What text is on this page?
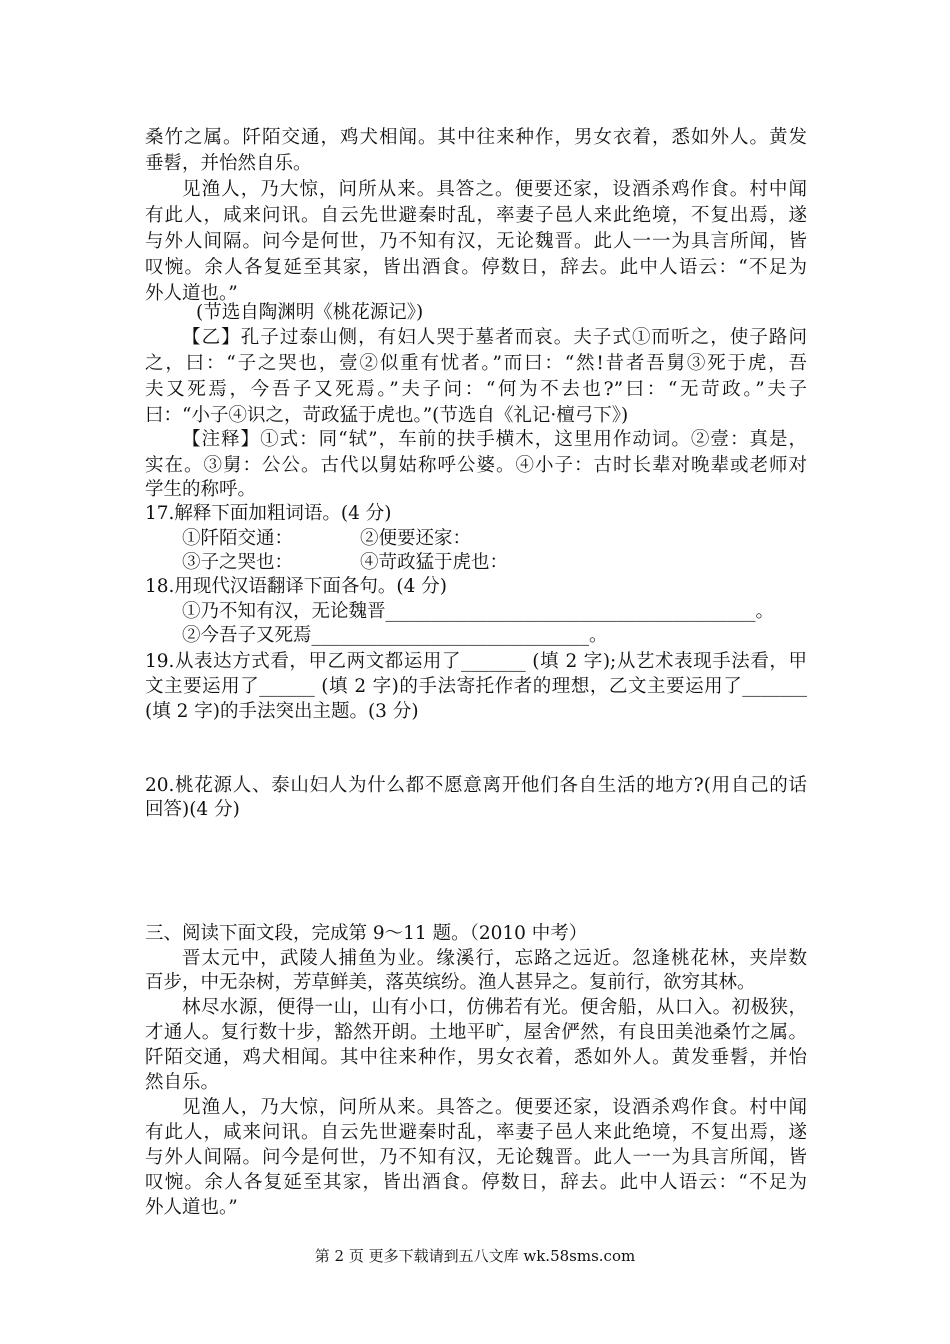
桑竹之属。阡陌交通，鸡犬相闻。其中往来种作，男女衣着，悉如外人。黄发
垂髫，并怡然自乐。
见渔人，乃大惊，问所从来。具答之。便要还家，设酒杀鸡作食。村中闻
有此人，咸来问讯。自云先世避秦时乱，率妻子邑人来此绝境，不复出焉，遂
与外人间隔。问今是何世，乃不知有汉，无论魏晋。此人一一为具言所闻，皆
叹惋。余人各复延至其家，皆出酒食。停数日，辞去。此中人语云：“不足为
外人道也。”
(节选自陶渊明《桃花源记》)
【乙】孔子过泰山侧，有妇人哭于墓者而哀。夫子式①而听之，使子路问
之，曰：“子之哭也，壹②似重有忧者。”而曰：“然!昔者吾舅③死于虎，吾
夫又死焉，今吾子又死焉。”夫子问：“何为不去也?”曰：“无苛政。”夫子
曰：“小子④识之，苛政猛于虎也。”(节选自《礼记·檀弓下》)
【注释】①式：同“轼”，车前的扶手横木，这里用作动词。②壹：真是，
实在。③舅：公公。古代以舅姑称呼公婆。④小子：古时长辈对晚辈或老师对
学生的称呼。
17.解释下面加粗词语。(4 分)
①阡陌交通：	②便要还家：
③子之哭也：	④苛政猛于虎也：
18.用现代汉语翻译下面各句。(4 分)
①乃不知有汉，无论魏晋________________________________________。
②今吾子又死焉______________________________。
19.从表达方式看，甲乙两文都运用了_______ (填 2 字);从艺术表现手法看，甲
文主要运用了______ (填 2 字)的手法寄托作者的理想，乙文主要运用了_______
(填 2 字)的手法突出主题。(3 分)
20.桃花源人、泰山妇人为什么都不愿意离开他们各自生活的地方?(用自己的话
回答)(4 分)
三、阅读下面文段，完成第 9～11 题。（2010 中考）
晋太元中，武陵人捕鱼为业。缘溪行，忘路之远近。忽逢桃花林，夹岸数
百步，中无杂树，芳草鲜美，落英缤纷。渔人甚异之。复前行，欲穷其林。
林尽水源，便得一山，山有小口，仿佛若有光。便舍船，从口入。初极狭，
才通人。复行数十步，豁然开朗。土地平旷，屋舍俨然，有良田美池桑竹之属。
阡陌交通，鸡犬相闻。其中往来种作，男女衣着，悉如外人。黄发垂髫，并怡
然自乐。
见渔人，乃大惊，问所从来。具答之。便要还家，设酒杀鸡作食。村中闻
有此人，咸来问讯。自云先世避秦时乱，率妻子邑人来此绝境，不复出焉，遂
与外人间隔。问今是何世，乃不知有汉，无论魏晋。此人一一为具言所闻，皆
叹惋。余人各复延至其家，皆出酒食。停数日，辞去。此中人语云：“不足为
外人道也。”
第 2 页 更多下载请到五八文库 wk.58sms.com
